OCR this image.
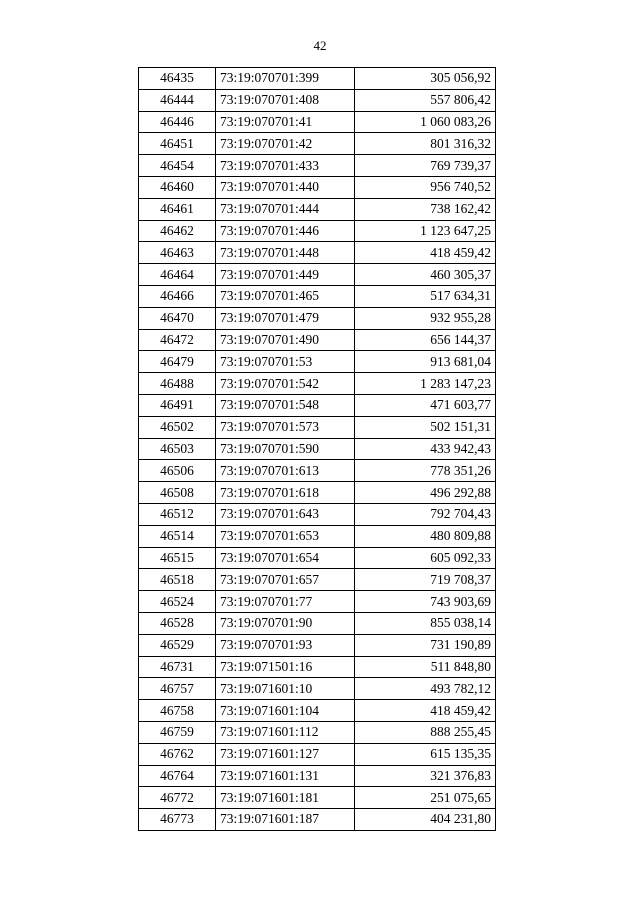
42
46435	73:19:070701:399	305 056,92
46444	73:19:070701:408	557 806,42
46446	73:19:070701:41	1 060 083,26
46451	73:19:070701:42	801 316,32
46454	73:19:070701:433	769 739,37
46460	73:19:070701:440	956 740,52
46461	73:19:070701:444	738 162,42
46462	73:19:070701:446	1 123 647,25
46463	73:19:070701:448	418 459,42
46464	73:19:070701:449	460 305,37
46466	73:19:070701:465	517 634,31
46470	73:19:070701:479	932 955,28
46472	73:19:070701:490	656 144,37
46479	73:19:070701:53	913 681,04
46488	73:19:070701:542	1 283 147,23
46491	73:19:070701:548	471 603,77
46502	73:19:070701:573	502 151,31
46503	73:19:070701:590	433 942,43
46506	73:19:070701:613	778 351,26
46508	73:19:070701:618	496 292,88
46512	73:19:070701:643	792 704,43
46514	73:19:070701:653	480 809,88
46515	73:19:070701:654	605 092,33
46518	73:19:070701:657	719 708,37
46524	73:19:070701:77	743 903,69
46528	73:19:070701:90	855 038,14
46529	73:19:070701:93	731 190,89
46731	73:19:071501:16	511 848,80
46757	73:19:071601:10	493 782,12
46758	73:19:071601:104	418 459,42
46759	73:19:071601:112	888 255,45
46762	73:19:071601:127	615 135,35
46764	73:19:071601:131	321 376,83
46772	73:19:071601:181	251 075,65
46773	73:19:071601:187	404 231,80
